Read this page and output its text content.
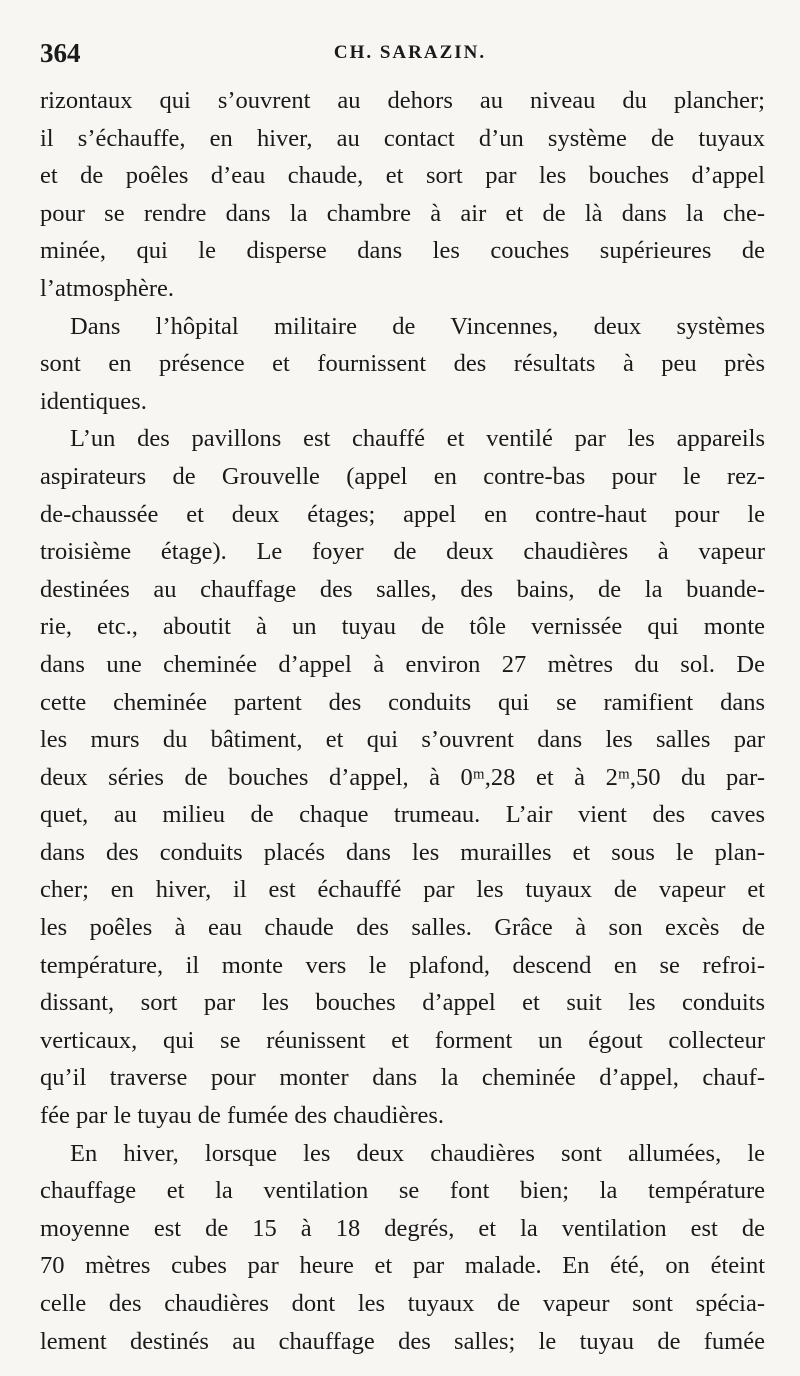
364	CH. SARAZIN.
rizontaux qui s’ouvrent au dehors au niveau du plancher;
il s’échauffe, en hiver, au contact d’un système de tuyaux
et de poêles d’eau chaude, et sort par les bouches d’appel
pour se rendre dans la chambre à air et de là dans la che-
minée, qui le disperse dans les couches supérieures de
l’atmosphère.
Dans l’hôpital militaire de Vincennes, deux systèmes
sont en présence et fournissent des résultats à peu près
identiques.
L’un des pavillons est chauffé et ventilé par les appareils
aspirateurs de Grouvelle (appel en contre-bas pour le rez-
de-chaussée et deux étages; appel en contre-haut pour le
troisième étage). Le foyer de deux chaudières à vapeur
destinées au chauffage des salles, des bains, de la buande-
rie, etc., aboutit à un tuyau de tôle vernissée qui monte
dans une cheminée d’appel à environ 27 mètres du sol. De
cette cheminée partent des conduits qui se ramifient dans
les murs du bâtiment, et qui s’ouvrent dans les salles par
deux séries de bouches d’appel, à 0ᵐ,28 et à 2ᵐ,50 du par-
quet, au milieu de chaque trumeau. L’air vient des caves
dans des conduits placés dans les murailles et sous le plan-
cher; en hiver, il est échauffé par les tuyaux de vapeur et
les poêles à eau chaude des salles. Grâce à son excès de
température, il monte vers le plafond, descend en se refroi-
dissant, sort par les bouches d’appel et suit les conduits
verticaux, qui se réunissent et forment un égout collecteur
qu’il traverse pour monter dans la cheminée d’appel, chauf-
fée par le tuyau de fumée des chaudières.
En hiver, lorsque les deux chaudières sont allumées, le
chauffage et la ventilation se font bien; la température
moyenne est de 15 à 18 degrés, et la ventilation est de
70 mètres cubes par heure et par malade. En été, on éteint
celle des chaudières dont les tuyaux de vapeur sont spécia-
lement destinés au chauffage des salles; le tuyau de fumée
